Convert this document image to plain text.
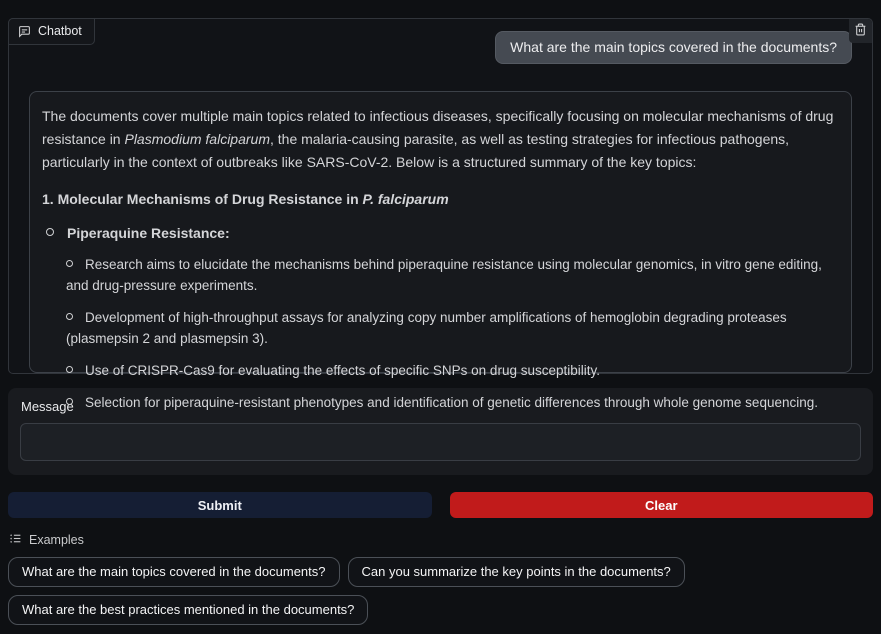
Chatbot
What are the main topics covered in the documents?

The documents cover multiple main topics related to infectious diseases, specifically focusing on molecular mechanisms of drug resistance in Plasmodium falciparum, the malaria-causing parasite, as well as testing strategies for infectious pathogens, particularly in the context of outbreaks like SARS-CoV-2. Below is a structured summary of the key topics:

1. Molecular Mechanisms of Drug Resistance in P. falciparum

Piperaquine Resistance:
Research aims to elucidate the mechanisms behind piperaquine resistance using molecular genomics, in vitro gene editing, and drug-pressure experiments.
Development of high-throughput assays for analyzing copy number amplifications of hemoglobin degrading proteases (plasmepsin 2 and plasmepsin 3).
Use of CRISPR-Cas9 for evaluating the effects of specific SNPs on drug susceptibility.
Selection for piperaquine-resistant phenotypes and identification of genetic differences through whole genome sequencing.
Message
Submit	Clear
Examples
What are the main topics covered in the documents?	Can you summarize the key points in the documents?
What are the best practices mentioned in the documents?
